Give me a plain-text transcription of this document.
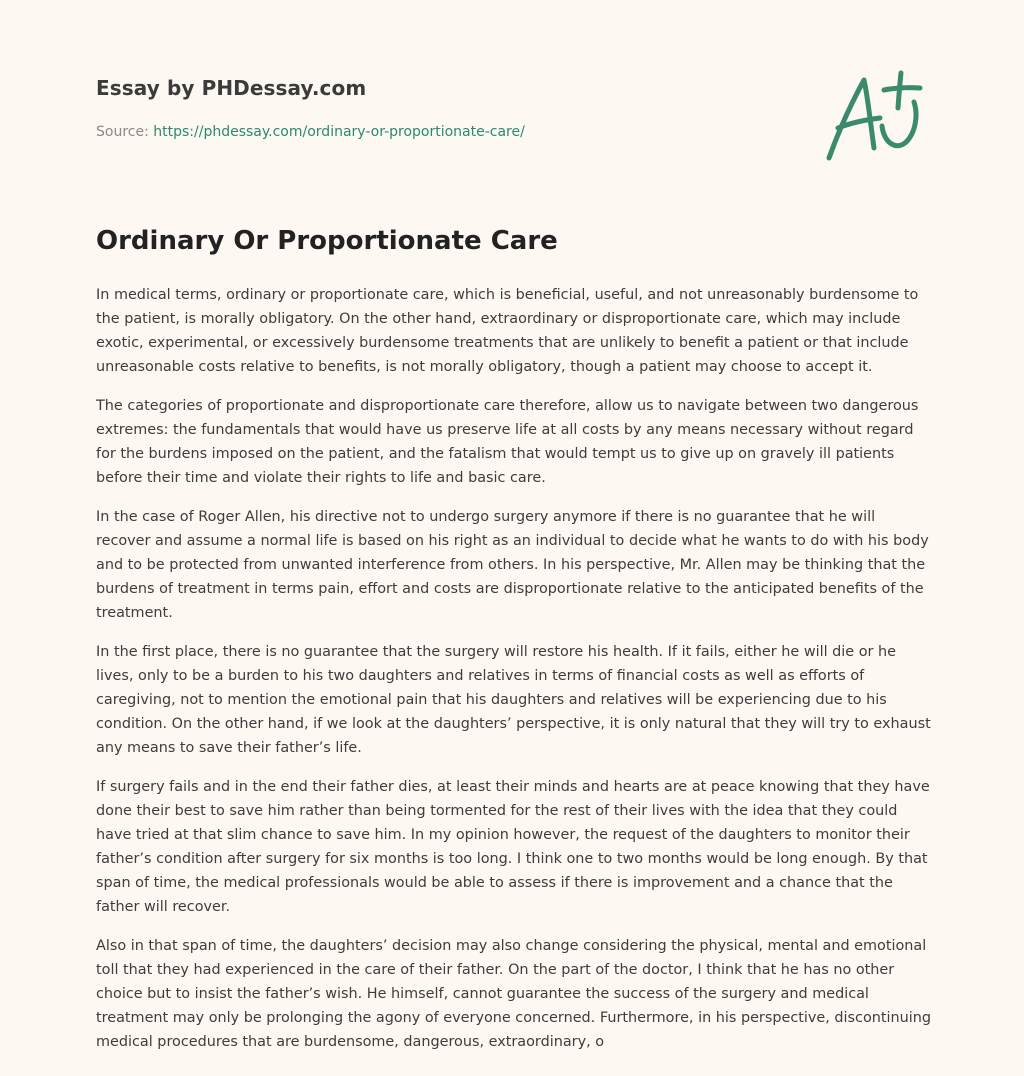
Essay by PHDessay.com
Source: https://phdessay.com/ordinary-or-proportionate-care/
Ordinary Or Proportionate Care

In medical terms, ordinary or proportionate care, which is beneficial, useful, and not unreasonably burdensome to the patient, is morally obligatory. On the other hand, extraordinary or disproportionate care, which may include exotic, experimental, or excessively burdensome treatments that are unlikely to benefit a patient or that include unreasonable costs relative to benefits, is not morally obligatory, though a patient may choose to accept it.

The categories of proportionate and disproportionate care therefore, allow us to navigate between two dangerous extremes: the fundamentals that would have us preserve life at all costs by any means necessary without regard for the burdens imposed on the patient, and the fatalism that would tempt us to give up on gravely ill patients before their time and violate their rights to life and basic care.

In the case of Roger Allen, his directive not to undergo surgery anymore if there is no guarantee that he will recover and assume a normal life is based on his right as an individual to decide what he wants to do with his body and to be protected from unwanted interference from others. In his perspective, Mr. Allen may be thinking that the burdens of treatment in terms pain, effort and costs are disproportionate relative to the anticipated benefits of the treatment.

In the first place, there is no guarantee that the surgery will restore his health. If it fails, either he will die or he lives, only to be a burden to his two daughters and relatives in terms of financial costs as well as efforts of caregiving, not to mention the emotional pain that his daughters and relatives will be experiencing due to his condition. On the other hand, if we look at the daughters’ perspective, it is only natural that they will try to exhaust any means to save their father’s life.

If surgery fails and in the end their father dies, at least their minds and hearts are at peace knowing that they have done their best to save him rather than being tormented for the rest of their lives with the idea that they could have tried at that slim chance to save him. In my opinion however, the request of the daughters to monitor their father’s condition after surgery for six months is too long. I think one to two months would be long enough. By that span of time, the medical professionals would be able to assess if there is improvement and a chance that the father will recover.

Also in that span of time, the daughters’ decision may also change considering the physical, mental and emotional toll that they had experienced in the care of their father. On the part of the doctor, I think that he has no other choice but to insist the father’s wish. He himself, cannot guarantee the success of the surgery and medical treatment may only be prolonging the agony of everyone concerned. Furthermore, in his perspective, discontinuing medical procedures that are burdensome, dangerous, extraordinary, o
